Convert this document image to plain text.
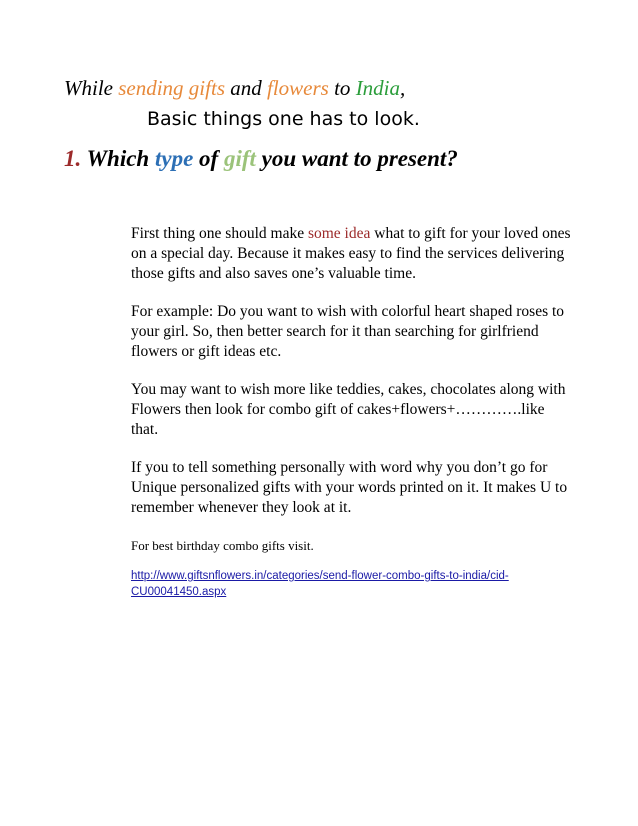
While sending gifts and flowers to India,
Basic things one has to look.
1. Which type of gift you want to present?

First thing one should make some idea what to gift for your loved ones on a special day. Because it makes easy to find the services delivering those gifts and also saves one’s valuable time.

For example: Do you want to wish with colorful heart shaped roses to your girl. So, then better search for it than searching for girlfriend flowers or gift ideas etc.

You may want to wish more like teddies, cakes, chocolates along with
Flowers then look for combo gift of cakes+flowers+………….like that.

If you to tell something personally with word why you don’t go for
Unique personalized gifts with your words printed on it. It makes U to remember whenever they look at it.

For best birthday combo gifts visit.

http://www.giftsnflowers.in/categories/send-flower-combo-gifts-to-india/cid-CU00041450.aspx
